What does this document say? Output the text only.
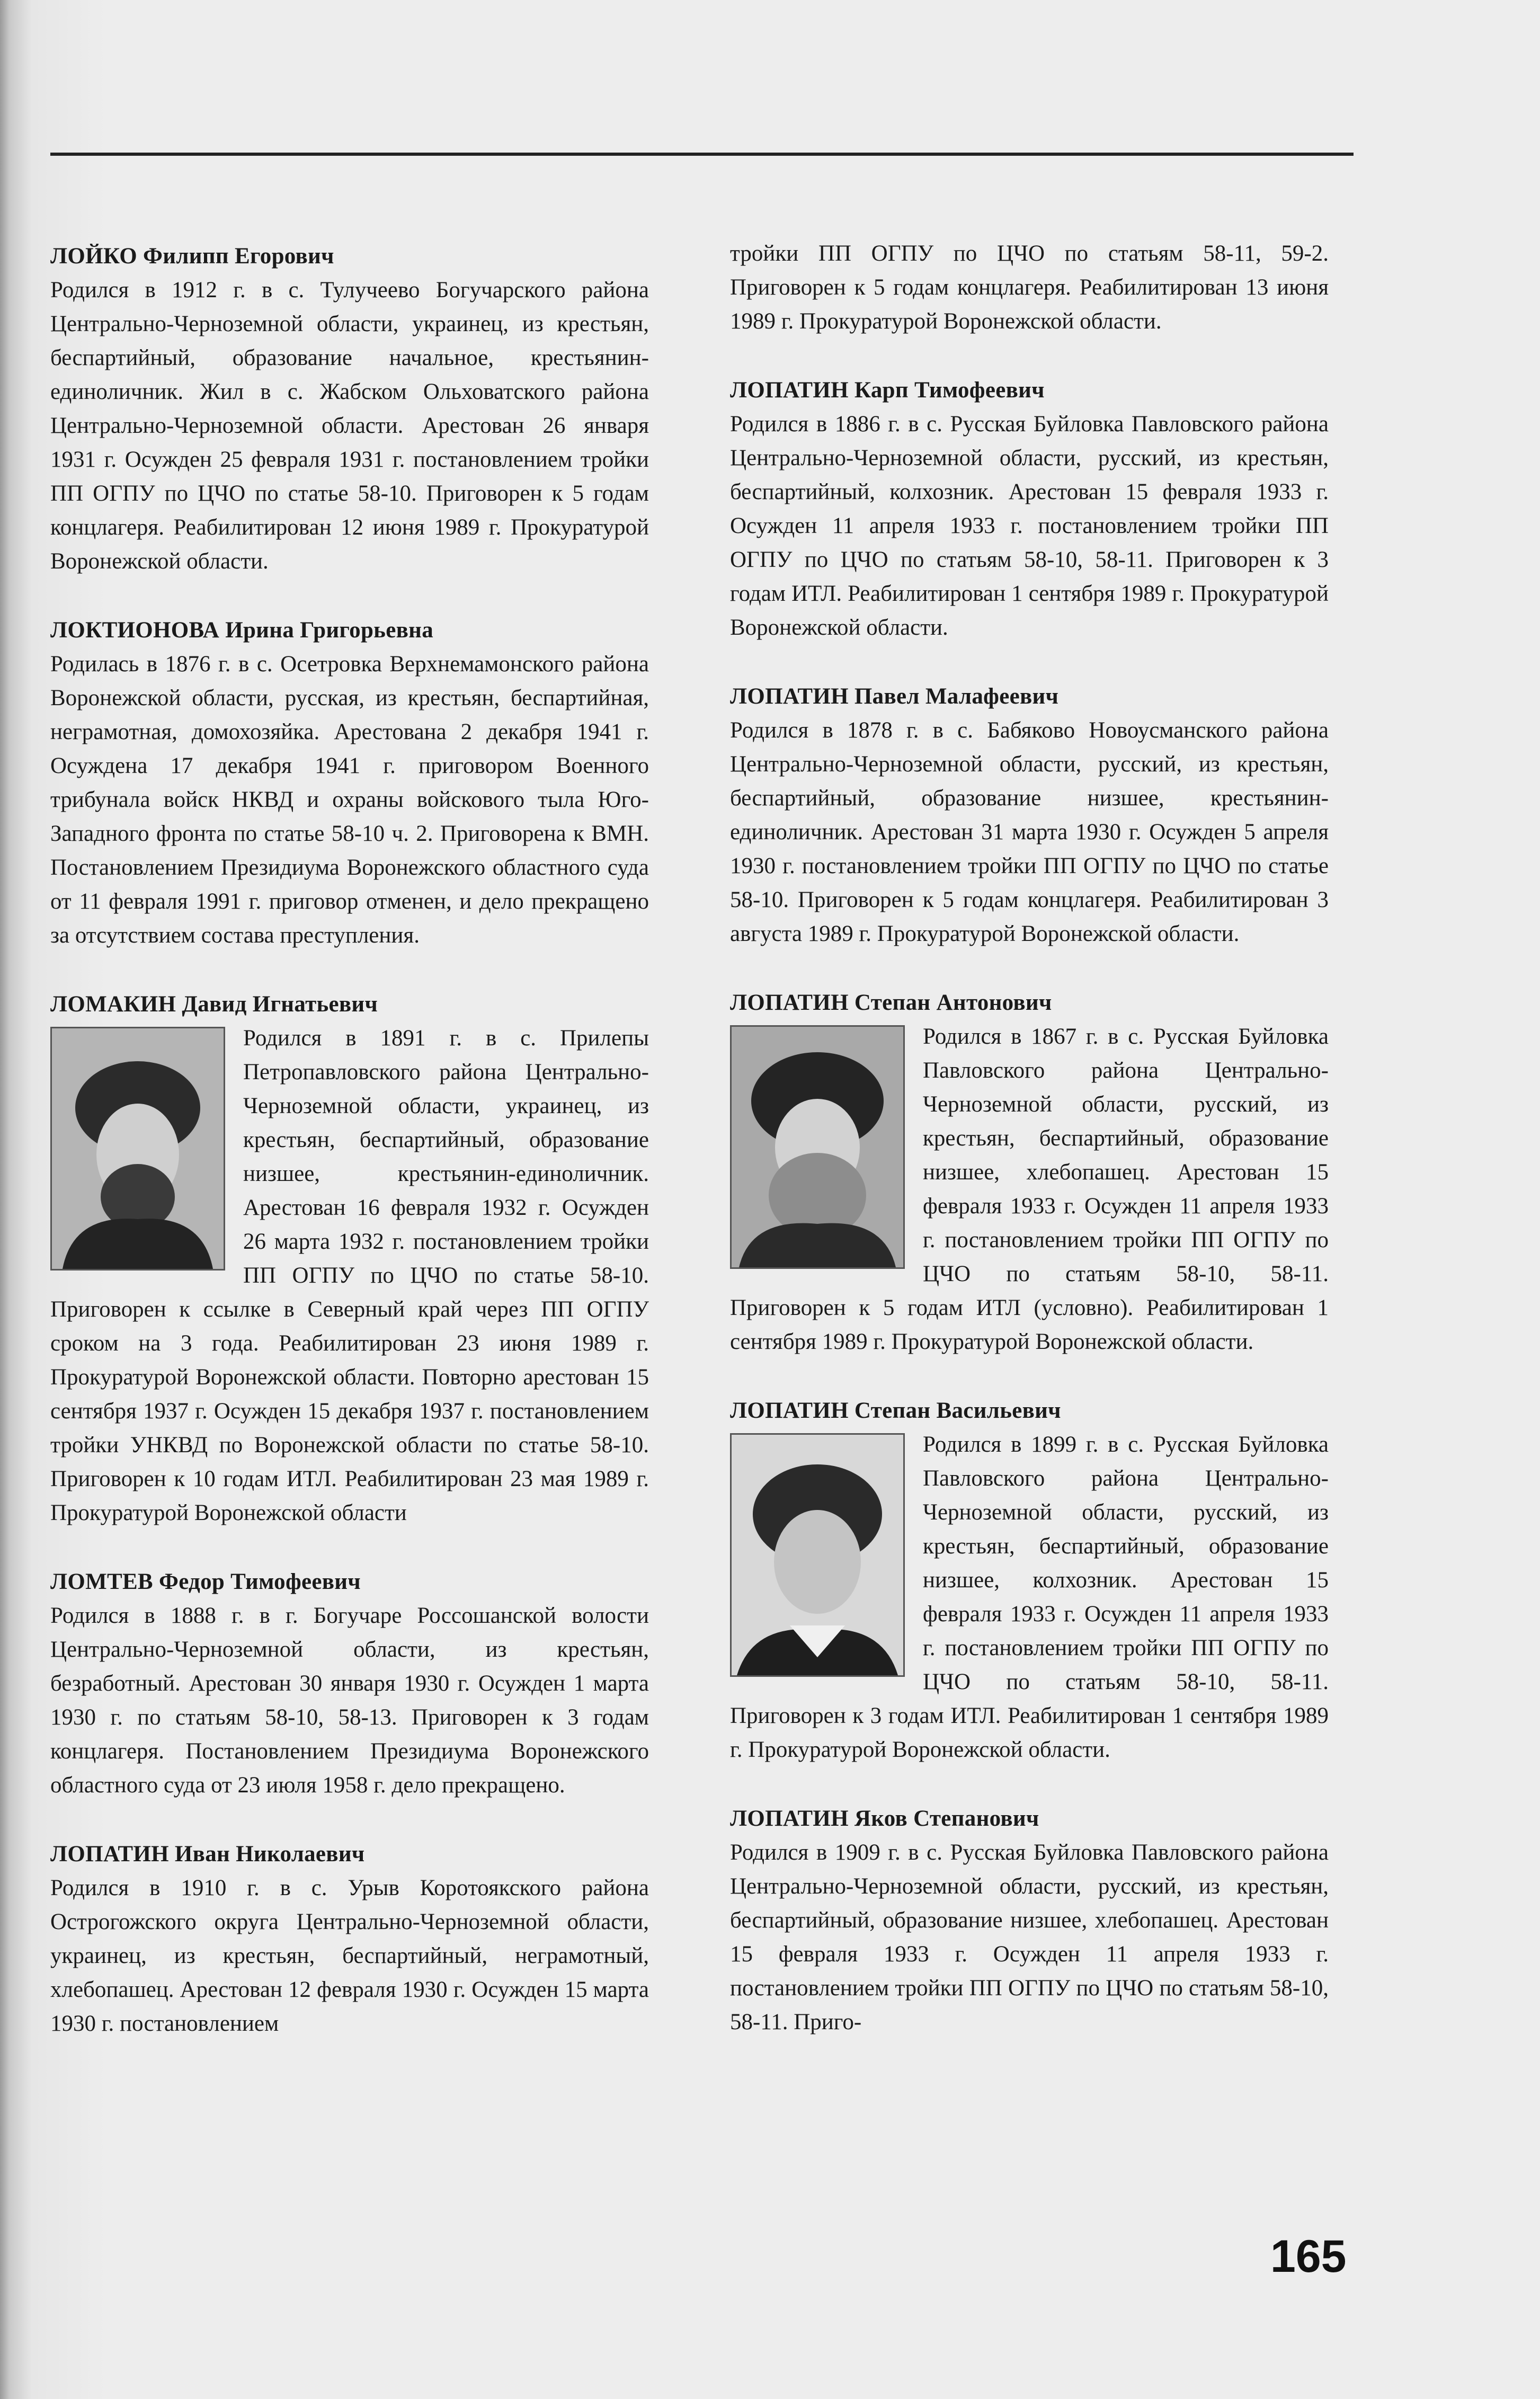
ЛОЙКО Филипп Егорович
Родился в 1912 г. в с. Тулучеево Богучарского района Центрально-Черноземной области, украинец, из крестьян, беспартийный, образование начальное, крестьянин-единоличник. Жил в с. Жабском Ольховатского района Центрально-Черноземной области. Арестован 26 января 1931 г. Осужден 25 февраля 1931 г. постановлением тройки ПП ОГПУ по ЦЧО по статье 58-10. Приговорен к 5 годам концлагеря. Реабилитирован 12 июня 1989 г. Прокуратурой Воронежской области.
ЛОКТИОНОВА Ирина Григорьевна
Родилась в 1876 г. в с. Осетровка Верхнемамонского района Воронежской области, русская, из крестьян, беспартийная, неграмотная, домохозяйка. Арестована 2 декабря 1941 г. Осуждена 17 декабря 1941 г. приговором Военного трибунала войск НКВД и охраны войскового тыла Юго-Западного фронта по статье 58-10 ч. 2. Приговорена к ВМН. Постановлением Президиума Воронежского областного суда от 11 февраля 1991 г. приговор отменен, и дело прекращено за отсутствием состава преступления.
ЛОМАКИН Давид Игнатьевич
Родился в 1891 г. в с. Прилепы Петропавловского района Центрально-Черноземной области, украинец, из крестьян, беспартийный, образование низшее, крестьянин-единоличник. Арестован 16 февраля 1932 г. Осужден 26 марта 1932 г. постановлением тройки ПП ОГПУ по ЦЧО по статье 58-10. Приговорен к ссылке в Северный край через ПП ОГПУ сроком на 3 года. Реабилитирован 23 июня 1989 г. Прокуратурой Воронежской области. Повторно арестован 15 сентября 1937 г. Осужден 15 декабря 1937 г. постановлением тройки УНКВД по Воронежской области по статье 58-10. Приговорен к 10 годам ИТЛ. Реабилитирован 23 мая 1989 г. Прокуратурой Воронежской области
ЛОМТЕВ Федор Тимофеевич
Родился в 1888 г. в г. Богучаре Россошанской волости Центрально-Черноземной области, из крестьян, безработный. Арестован 30 января 1930 г. Осужден 1 марта 1930 г. по статьям 58-10, 58-13. Приговорен к 3 годам концлагеря. Постановлением Президиума Воронежского областного суда от 23 июля 1958 г. дело прекращено.
ЛОПАТИН Иван Николаевич
Родился в 1910 г. в с. Урыв Коротоякского района Острогожского округа Центрально-Черноземной области, украинец, из крестьян, беспартийный, неграмотный, хлебопашец. Арестован 12 февраля 1930 г. Осужден 15 марта 1930 г. постановлением
тройки ПП ОГПУ по ЦЧО по статьям 58-11, 59-2. Приговорен к 5 годам концлагеря. Реабилитирован 13 июня 1989 г. Прокуратурой Воронежской области.
ЛОПАТИН Карп Тимофеевич
Родился в 1886 г. в с. Русская Буйловка Павловского района Центрально-Черноземной области, русский, из крестьян, беспартийный, колхозник. Арестован 15 февраля 1933 г. Осужден 11 апреля 1933 г. постановлением тройки ПП ОГПУ по ЦЧО по статьям 58-10, 58-11. Приговорен к 3 годам ИТЛ. Реабилитирован 1 сентября 1989 г. Прокуратурой Воронежской области.
ЛОПАТИН Павел Малафеевич
Родился в 1878 г. в с. Бабяково Новоусманского района Центрально-Черноземной области, русский, из крестьян, беспартийный, образование низшее, крестьянин-единоличник. Арестован 31 марта 1930 г. Осужден 5 апреля 1930 г. постановлением тройки ПП ОГПУ по ЦЧО по статье 58-10. Приговорен к 5 годам концлагеря. Реабилитирован 3 августа 1989 г. Прокуратурой Воронежской области.
ЛОПАТИН Степан Антонович
Родился в 1867 г. в с. Русская Буйловка Павловского района Центрально-Черноземной области, русский, из крестьян, беспартийный, образование низшее, хлебопашец. Арестован 15 февраля 1933 г. Осужден 11 апреля 1933 г. постановлением тройки ПП ОГПУ по ЦЧО по статьям 58-10, 58-11. Приговорен к 5 годам ИТЛ (условно). Реабилитирован 1 сентября 1989 г. Прокуратурой Воронежской области.
ЛОПАТИН Степан Васильевич
Родился в 1899 г. в с. Русская Буйловка Павловского района Центрально-Черноземной области, русский, из крестьян, беспартийный, образование низшее, колхозник. Арестован 15 февраля 1933 г. Осужден 11 апреля 1933 г. постановлением тройки ПП ОГПУ по ЦЧО по статьям 58-10, 58-11. Приговорен к 3 годам ИТЛ. Реабилитирован 1 сентября 1989 г. Прокуратурой Воронежской области.
ЛОПАТИН Яков Степанович
Родился в 1909 г. в с. Русская Буйловка Павловского района Центрально-Черноземной области, русский, из крестьян, беспартийный, образование низшее, хлебопашец. Арестован 15 февраля 1933 г. Осужден 11 апреля 1933 г. постановлением тройки ПП ОГПУ по ЦЧО по статьям 58-10, 58-11. Приго-
165
